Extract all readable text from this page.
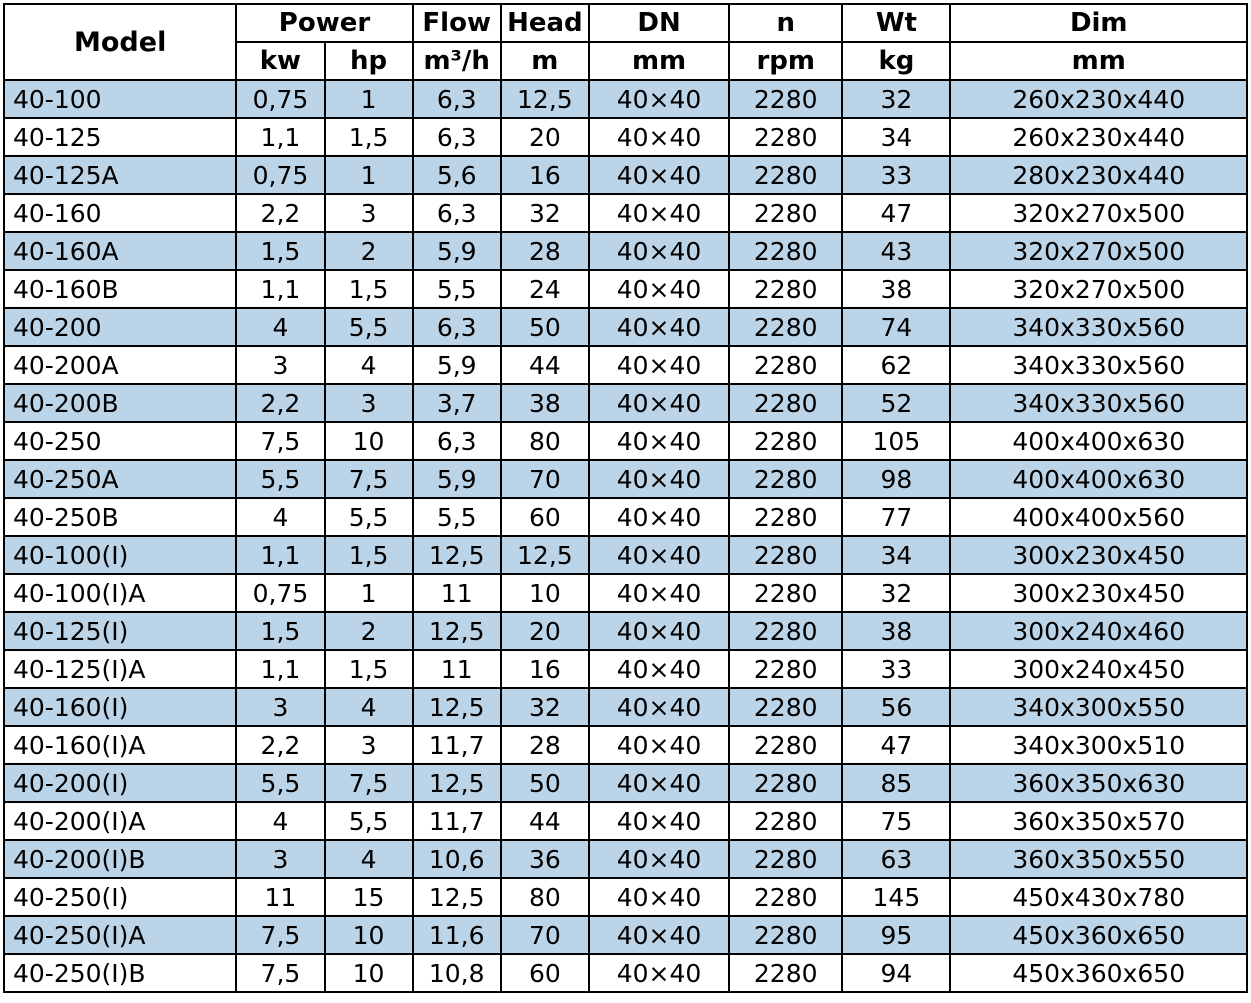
Model	Power		Flow	Head	DN	n	Wt	Dim
	kw	hp	m³/h	m	mm	rpm	kg	mm
40-100	0,75	1	6,3	12,5	40×40	2280	32	260x230x440
40-125	1,1	1,5	6,3	20	40×40	2280	34	260x230x440
40-125A	0,75	1	5,6	16	40×40	2280	33	280x230x440
40-160	2,2	3	6,3	32	40×40	2280	47	320x270x500
40-160A	1,5	2	5,9	28	40×40	2280	43	320x270x500
40-160B	1,1	1,5	5,5	24	40×40	2280	38	320x270x500
40-200	4	5,5	6,3	50	40×40	2280	74	340x330x560
40-200A	3	4	5,9	44	40×40	2280	62	340x330x560
40-200B	2,2	3	3,7	38	40×40	2280	52	340x330x560
40-250	7,5	10	6,3	80	40×40	2280	105	400x400x630
40-250A	5,5	7,5	5,9	70	40×40	2280	98	400x400x630
40-250B	4	5,5	5,5	60	40×40	2280	77	400x400x560
40-100(I)	1,1	1,5	12,5	12,5	40×40	2280	34	300x230x450
40-100(I)A	0,75	1	11	10	40×40	2280	32	300x230x450
40-125(I)	1,5	2	12,5	20	40×40	2280	38	300x240x460
40-125(I)A	1,1	1,5	11	16	40×40	2280	33	300x240x450
40-160(I)	3	4	12,5	32	40×40	2280	56	340x300x550
40-160(I)A	2,2	3	11,7	28	40×40	2280	47	340x300x510
40-200(I)	5,5	7,5	12,5	50	40×40	2280	85	360x350x630
40-200(I)A	4	5,5	11,7	44	40×40	2280	75	360x350x570
40-200(I)B	3	4	10,6	36	40×40	2280	63	360x350x550
40-250(I)	11	15	12,5	80	40×40	2280	145	450x430x780
40-250(I)A	7,5	10	11,6	70	40×40	2280	95	450x360x650
40-250(I)B	7,5	10	10,8	60	40×40	2280	94	450x360x650
